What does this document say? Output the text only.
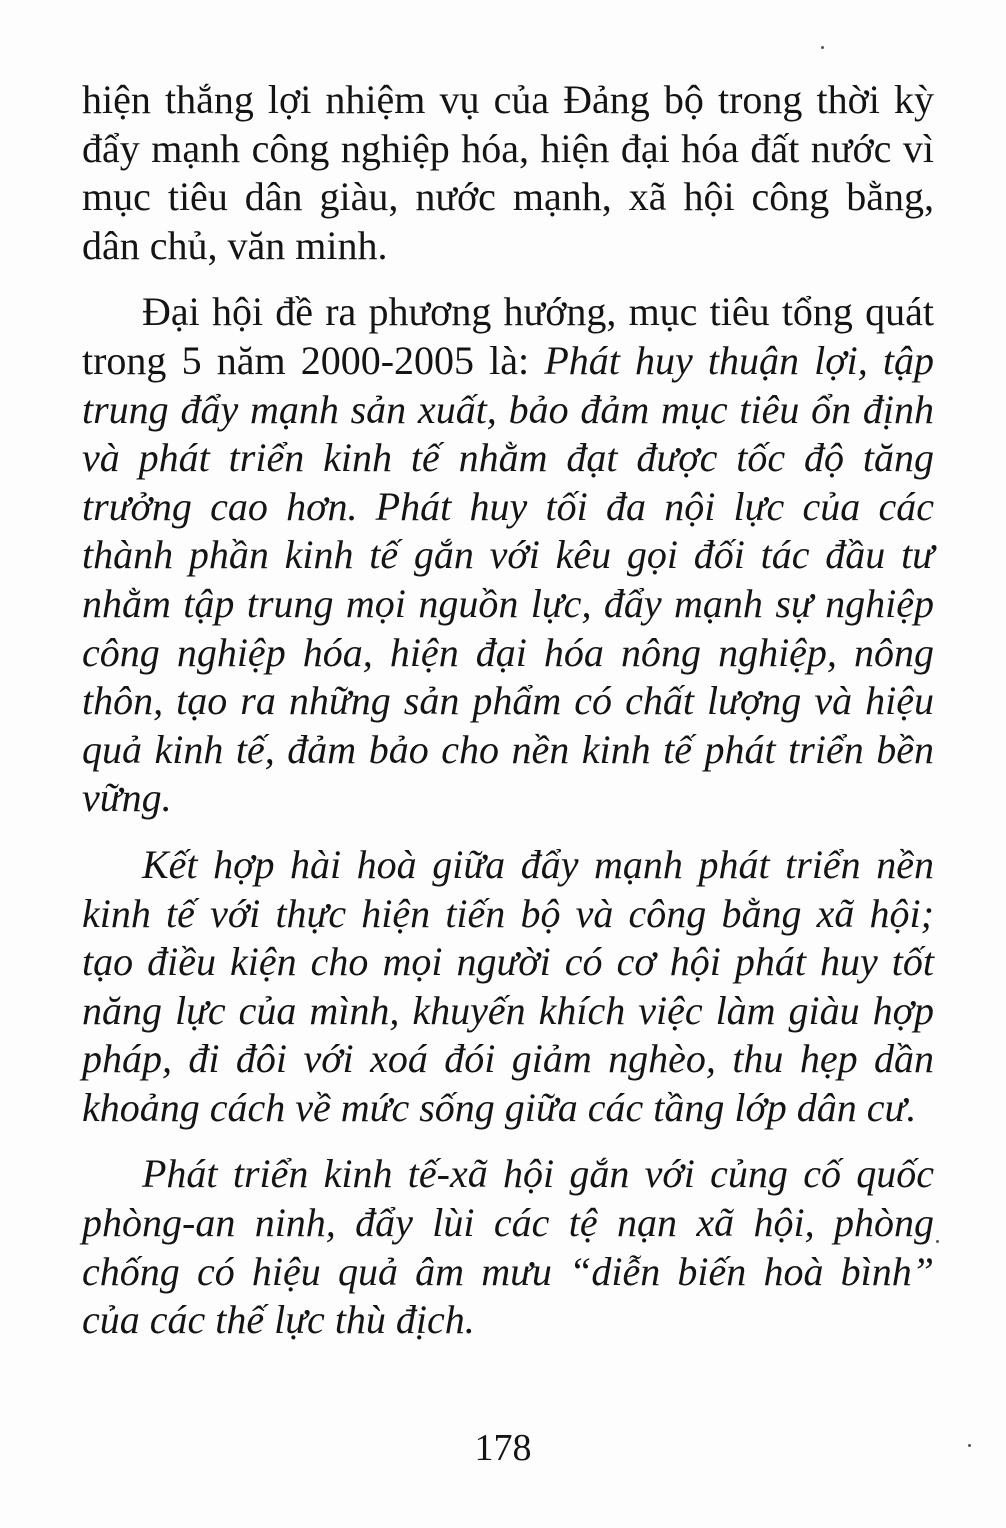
hiện thắng lợi nhiệm vụ của Đảng bộ trong thời kỳ đẩy mạnh công nghiệp hóa, hiện đại hóa đất nước vì mục tiêu dân giàu, nước mạnh, xã hội công bằng, dân chủ, văn minh.

Đại hội đề ra phương hướng, mục tiêu tổng quát trong 5 năm 2000-2005 là: Phát huy thuận lợi, tập trung đẩy mạnh sản xuất, bảo đảm mục tiêu ổn định và phát triển kinh tế nhằm đạt được tốc độ tăng trưởng cao hơn. Phát huy tối đa nội lực của các thành phần kinh tế gắn với kêu gọi đối tác đầu tư nhằm tập trung mọi nguồn lực, đẩy mạnh sự nghiệp công nghiệp hóa, hiện đại hóa nông nghiệp, nông thôn, tạo ra những sản phẩm có chất lượng và hiệu quả kinh tế, đảm bảo cho nền kinh tế phát triển bền vững.

Kết hợp hài hoà giữa đẩy mạnh phát triển nền kinh tế với thực hiện tiến bộ và công bằng xã hội; tạo điều kiện cho mọi người có cơ hội phát huy tốt năng lực của mình, khuyến khích việc làm giàu hợp pháp, đi đôi với xoá đói giảm nghèo, thu hẹp dần khoảng cách về mức sống giữa các tầng lớp dân cư.

Phát triển kinh tế-xã hội gắn với củng cố quốc phòng-an ninh, đẩy lùi các tệ nạn xã hội, phòng chống có hiệu quả âm mưu “diễn biến hoà bình” của các thế lực thù địch.

178
